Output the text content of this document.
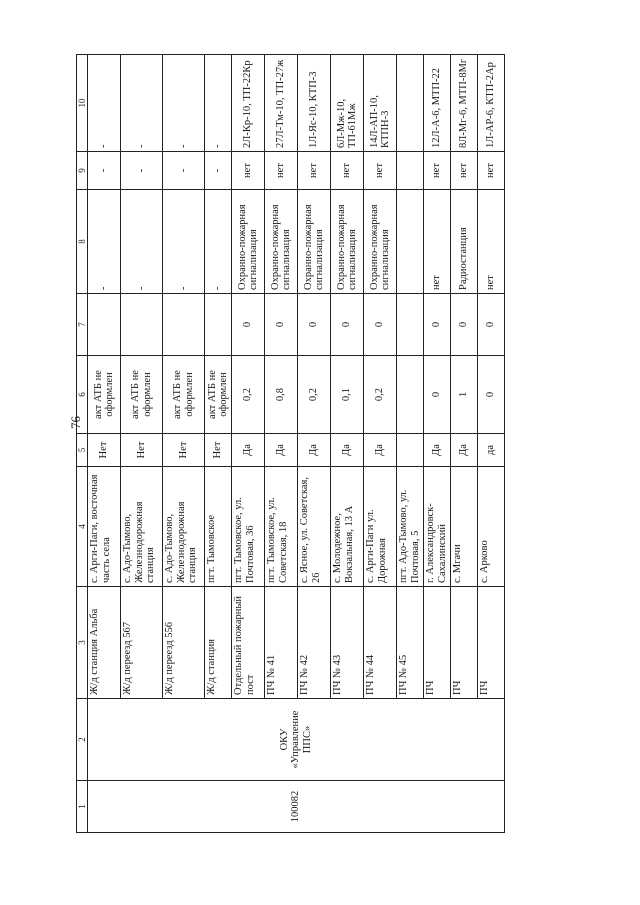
76
1	2	3	4	5	6	7	8	9	10

100082	ОКУ «Управление ППС»	Ж/д станция Альба	с. Арги-Паги, восточная часть села	Нет	акт АТБ не оформлен		-	-	-
		Ж/д переезд 567	с. Адо-Тымово, Железнодорожная станция	Нет	акт АТБ не оформлен		-	-	-
		Ж/д переезд 556	с. Адо-Тымово, Железнодорожная станция	Нет	акт АТБ не оформлен		-	-	-
		Ж/д станция	пгт. Тымовское	Нет	акт АТБ не оформлен		-	-	-
		Отдельный пожарный пост	пгт. Тымовское, ул. Почтовая, 36	Да	0,2	0	Охранно-пожарная сигнализация	нет	2Л-Кр-10, ТП-22Кр
		ПЧ № 41	пгт. Тымовское, ул. Советская, 18	Да	0,8	0	Охранно-пожарная сигнализация	нет	27Л-Тм-10, ТП-27ж
		ПЧ № 42	с. Ясное, ул. Советская, 26	Да	0,2	0	Охранно-пожарная сигнализация	нет	1Л-Яс-10, КТП-3
		ПЧ № 43	с. Молодежное, Вокзальная, 13 А	Да	0,1	0	Охранно-пожарная сигнализация	нет	6Л-Мж-10, ТП-61Мж
		ПЧ № 44	с. Арги-Паги ул. Дорожная	Да	0,2	0	Охранно-пожарная сигнализация	нет	14Л-АП-10, КТПН-3
		ПЧ № 45	пгт. Адо-Тымово, ул. Почтовая, 5						
		ПЧ	г. Александровск-Сахалинский	Да	0	0	нет	нет	12Л-А-6, МТП-22
		ПЧ	с. Мгачи	Да	1	0	Радиостанция	нет	8Л-Мг-6, МТП-8Мг
		ПЧ	с. Арково	да	0	0	нет	нет	1Л-АР-6, КТП-2Ар
